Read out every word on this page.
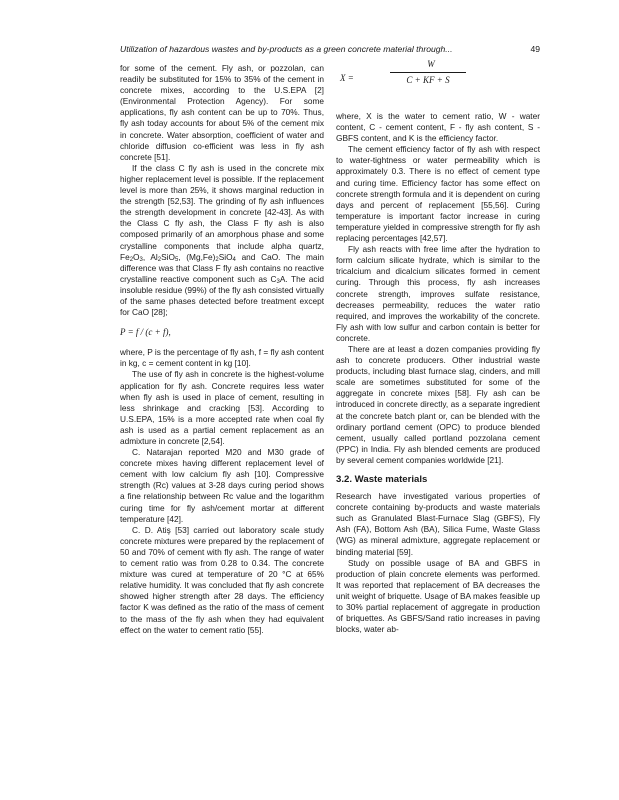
Utilization of hazardous wastes and by-products as a green concrete material through...	49

for some of the cement. Fly ash, or pozzolan, can readily be substituted for 15% to 35% of the cement in concrete mixes, according to the U.S.EPA [2] (Environmental Protection Agency). For some applications, fly ash content can be up to 70%. Thus, fly ash today accounts for about 5% of the cement mix in concrete. Water absorption, coefficient of water and chloride diffusion co-efficient was less in fly ash concrete [51].

If the class C fly ash is used in the concrete mix higher replacement level is possible. If the replacement level is more than 25%, it shows marginal reduction in the strength [52,53]. The grinding of fly ash influences the strength development in concrete [42-43]. As with the Class C fly ash, the Class F fly ash is also composed primarily of an amorphous phase and some crystalline components that include alpha quartz, $Fe_2O_3$, $Al_2SiO_5$, $(Mg,Fe)_2SiO_4$ and CaO. The main difference was that Class F fly ash contains no reactive crystalline reactive component such as $C_3A$. The acid insoluble residue (99%) of the fly ash consisted virtually of the same phases detected before treatment except for CaO [28];

P = f / (c + f),

where, P is the percentage of fly ash, f = fly ash content in kg, c = cement content in kg [10].

The use of fly ash in concrete is the highest-volume application for fly ash. Concrete requires less water when fly ash is used in place of cement, resulting in less shrinkage and cracking [53]. According to U.S.EPA, 15% is a more accepted rate when coal fly ash is used as a partial cement replacement as an admixture in concrete [2,54].

C. Natarajan reported M20 and M30 grade of concrete mixes having different replacement level of cement with low calcium fly ash [10]. Compressive strength (Rc) values at 3-28 days curing period shows a fine relationship between Rc value and the logarithm curing time for fly ash/cement mortar at different temperature [42].

C. D. Atiş [53] carried out laboratory scale study concrete mixtures were prepared by the replacement of 50 and 70% of cement with fly ash. The range of water to cement ratio was from 0.28 to 0.34. The concrete mixture was cured at temperature of 20 °C at 65% relative humidity. It was concluded that fly ash concrete showed higher strength after 28 days. The efficiency factor K was defined as the ratio of the mass of cement to the mass of the fly ash when they had equivalent effect on the water to cement ratio [55].

X =
W
C + KF + S

where, X is the water to cement ratio, W - water content, C - cement content, F - fly ash content, S - GBFS content, and K is the efficiency factor.

The cement efficiency factor of fly ash with respect to water-tightness or water permeability which is approximately 0.3. There is no effect of cement type and curing time. Efficiency factor has some effect on concrete strength formula and it is dependent on curing days and percent of replacement [55,56]. Curing temperature is important factor increase in curing temperature yielded in compressive strength for fly ash replacing percentages [42,57].

Fly ash reacts with free lime after the hydration to form calcium silicate hydrate, which is similar to the tricalcium and dicalcium silicates formed in cement curing. Through this process, fly ash increases concrete strength, improves sulfate resistance, decreases permeability, reduces the water ratio required, and improves the workability of the concrete. Fly ash with low sulfur and carbon contain is better for concrete.

There are at least a dozen companies providing fly ash to concrete producers. Other industrial waste products, including blast furnace slag, cinders, and mill scale are sometimes substituted for some of the aggregate in concrete mixes [58]. Fly ash can be introduced in concrete directly, as a separate ingredient at the concrete batch plant or, can be blended with the ordinary portland cement (OPC) to produce blended cement, usually called portland pozzolana cement (PPC) in India. Fly ash blended cements are produced by several cement companies worldwide [21].

3.2. Waste materials

Research have investigated various properties of concrete containing by-products and waste materials such as Granulated Blast-Furnace Slag (GBFS), Fly Ash (FA), Bottom Ash (BA), Silica Fume, Waste Glass (WG) as mineral admixture, aggregate replacement or binding material [59].

Study on possible usage of BA and GBFS in production of plain concrete elements was performed. It was reported that replacement of BA decreases the unit weight of briquette. Usage of BA makes feasible up to 30% partial replacement of aggregate in production of briquettes. As GBFS/Sand ratio increases in paving blocks, water ab-
